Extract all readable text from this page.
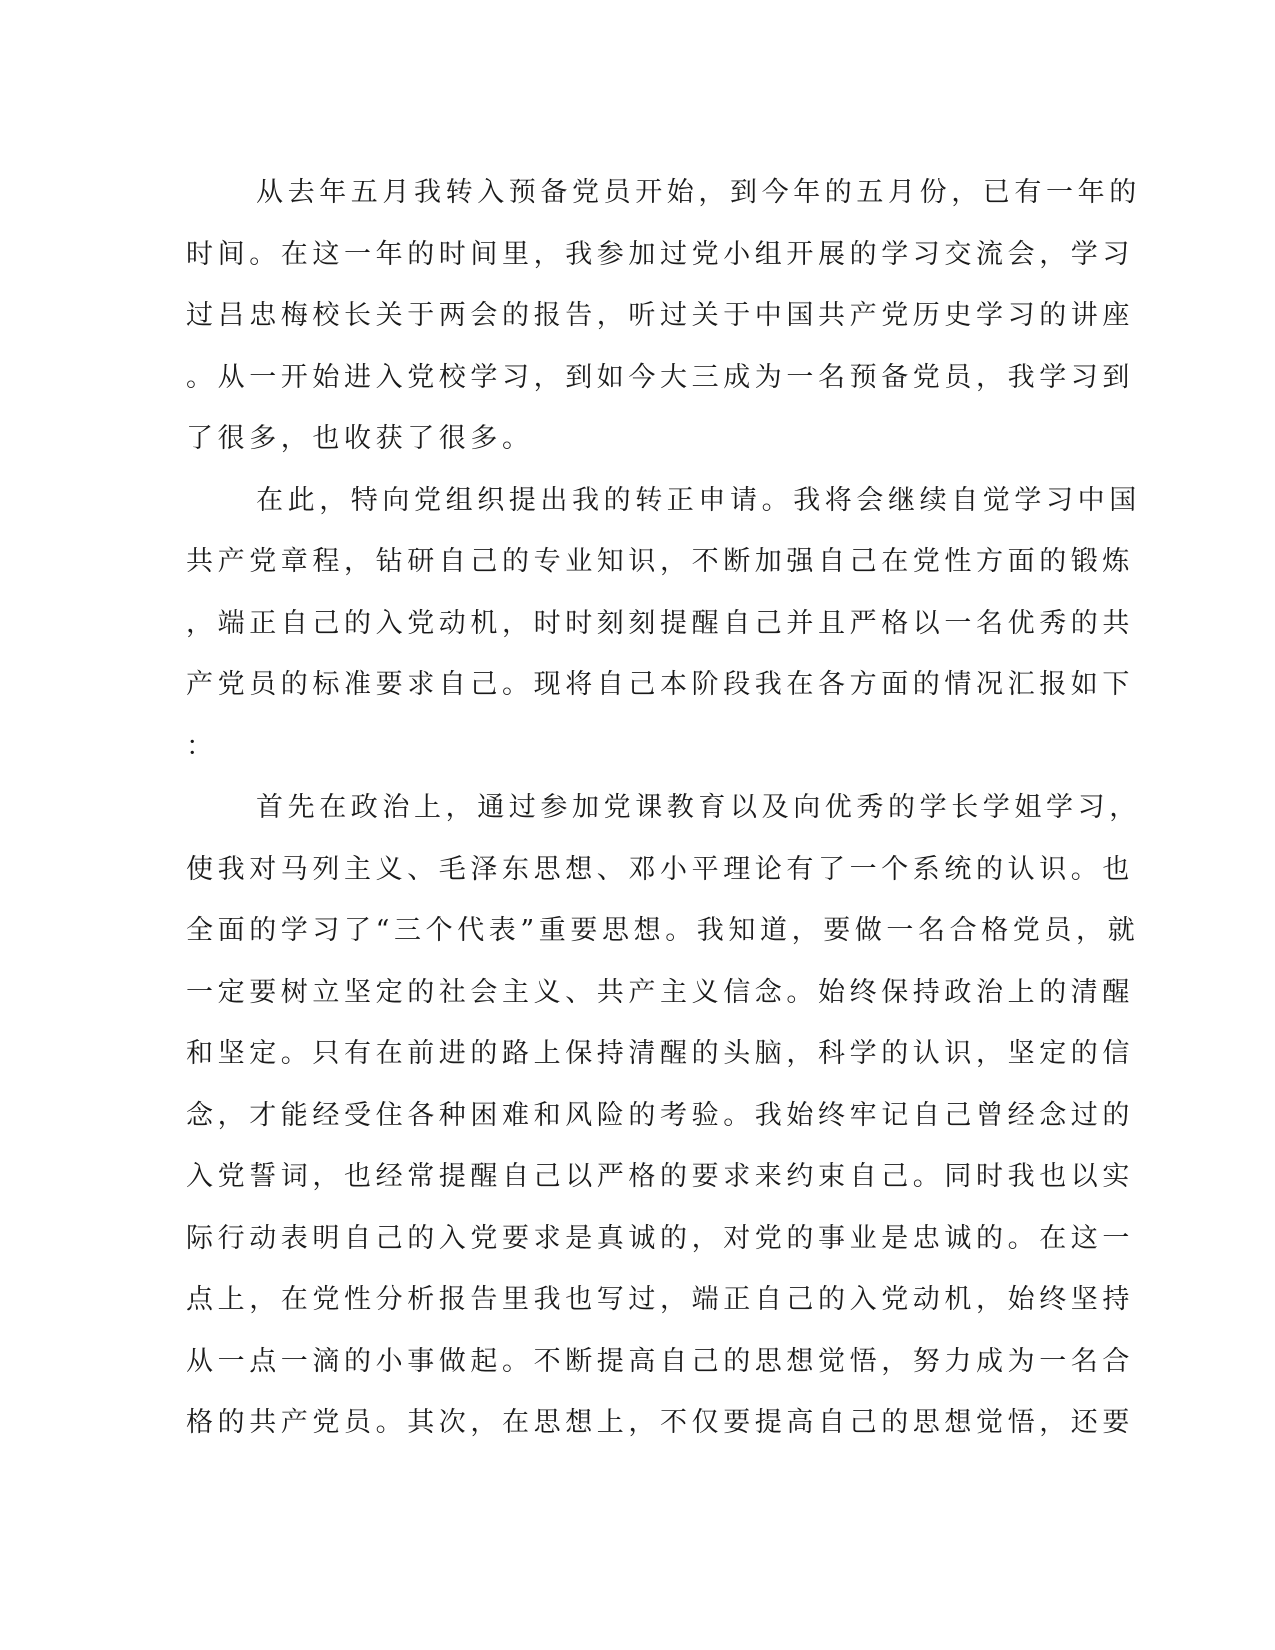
从去年五月我转入预备党员开始，到今年的五月份，已有一年的
时间。在这一年的时间里，我参加过党小组开展的学习交流会，学习
过吕忠梅校长关于两会的报告，听过关于中国共产党历史学习的讲座
。从一开始进入党校学习，到如今大三成为一名预备党员，我学习到
了很多，也收获了很多。
在此，特向党组织提出我的转正申请。我将会继续自觉学习中国
共产党章程，钻研自己的专业知识，不断加强自己在党性方面的锻炼
，端正自己的入党动机，时时刻刻提醒自己并且严格以一名优秀的共
产党员的标准要求自己。现将自己本阶段我在各方面的情况汇报如下
：
首先在政治上，通过参加党课教育以及向优秀的学长学姐学习，
使我对马列主义、毛泽东思想、邓小平理论有了一个系统的认识。也
全面的学习了“三个代表”重要思想。我知道，要做一名合格党员，就
一定要树立坚定的社会主义、共产主义信念。始终保持政治上的清醒
和坚定。只有在前进的路上保持清醒的头脑，科学的认识，坚定的信
念，才能经受住各种困难和风险的考验。我始终牢记自己曾经念过的
入党誓词，也经常提醒自己以严格的要求来约束自己。同时我也以实
际行动表明自己的入党要求是真诚的，对党的事业是忠诚的。在这一
点上，在党性分析报告里我也写过，端正自己的入党动机，始终坚持
从一点一滴的小事做起。不断提高自己的思想觉悟，努力成为一名合
格的共产党员。其次，在思想上，不仅要提高自己的思想觉悟，还要
